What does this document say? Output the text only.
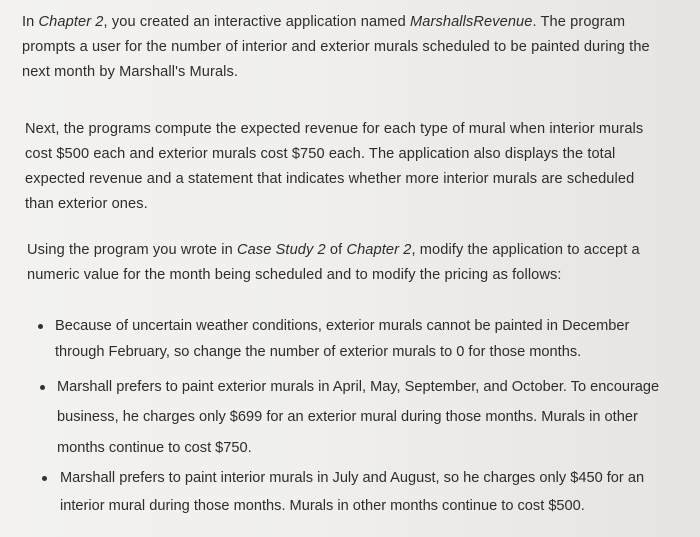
In Chapter 2, you created an interactive application named MarshallsRevenue. The program
prompts a user for the number of interior and exterior murals scheduled to be painted during the
next month by Marshall's Murals.
Next, the programs compute the expected revenue for each type of mural when interior murals
cost $500 each and exterior murals cost $750 each. The application also displays the total
expected revenue and a statement that indicates whether more interior murals are scheduled
than exterior ones.
Using the program you wrote in Case Study 2 of Chapter 2, modify the application to accept a
numeric value for the month being scheduled and to modify the pricing as follows:
Because of uncertain weather conditions, exterior murals cannot be painted in December
through February, so change the number of exterior murals to 0 for those months.
Marshall prefers to paint exterior murals in April, May, September, and October. To encourage
business, he charges only $699 for an exterior mural during those months. Murals in other
months continue to cost $750.
Marshall prefers to paint interior murals in July and August, so he charges only $450 for an
interior mural during those months. Murals in other months continue to cost $500.
